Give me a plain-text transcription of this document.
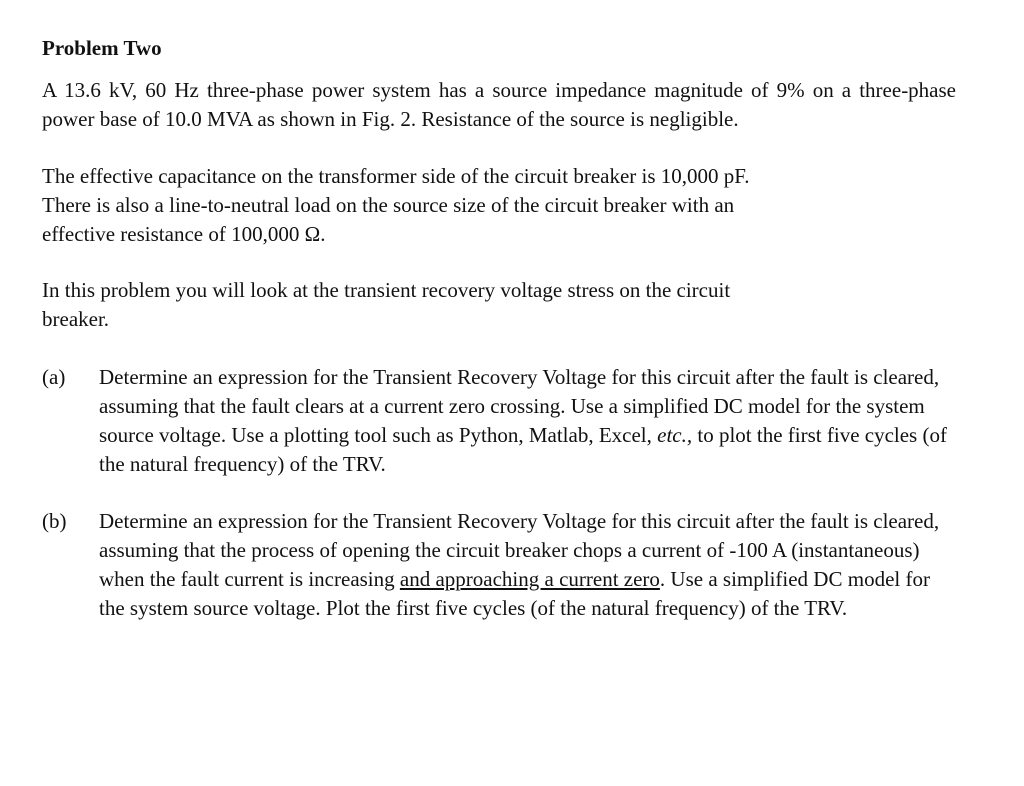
Problem Two

A 13.6 kV, 60 Hz three-phase power system has a source impedance magnitude of 9% on a three-phase power base of 10.0 MVA as shown in Fig. 2. Resistance of the source is negligible.

The effective capacitance on the transformer side of the circuit breaker is 10,000 pF.
There is also a line-to-neutral load on the source size of the circuit breaker with an
effective resistance of 100,000 Ω.

In this problem you will look at the transient recovery voltage stress on the circuit
breaker.

(a) Determine an expression for the Transient Recovery Voltage for this circuit after the fault is cleared, assuming that the fault clears at a current zero crossing. Use a simplified DC model for the system source voltage. Use a plotting tool such as Python, Matlab, Excel, etc., to plot the first five cycles (of the natural frequency) of the TRV.
(b) Determine an expression for the Transient Recovery Voltage for this circuit after the fault is cleared, assuming that the process of opening the circuit breaker chops a current of -100 A (instantaneous) when the fault current is increasing and approaching a current zero. Use a simplified DC model for the system source voltage. Plot the first five cycles (of the natural frequency) of the TRV.
